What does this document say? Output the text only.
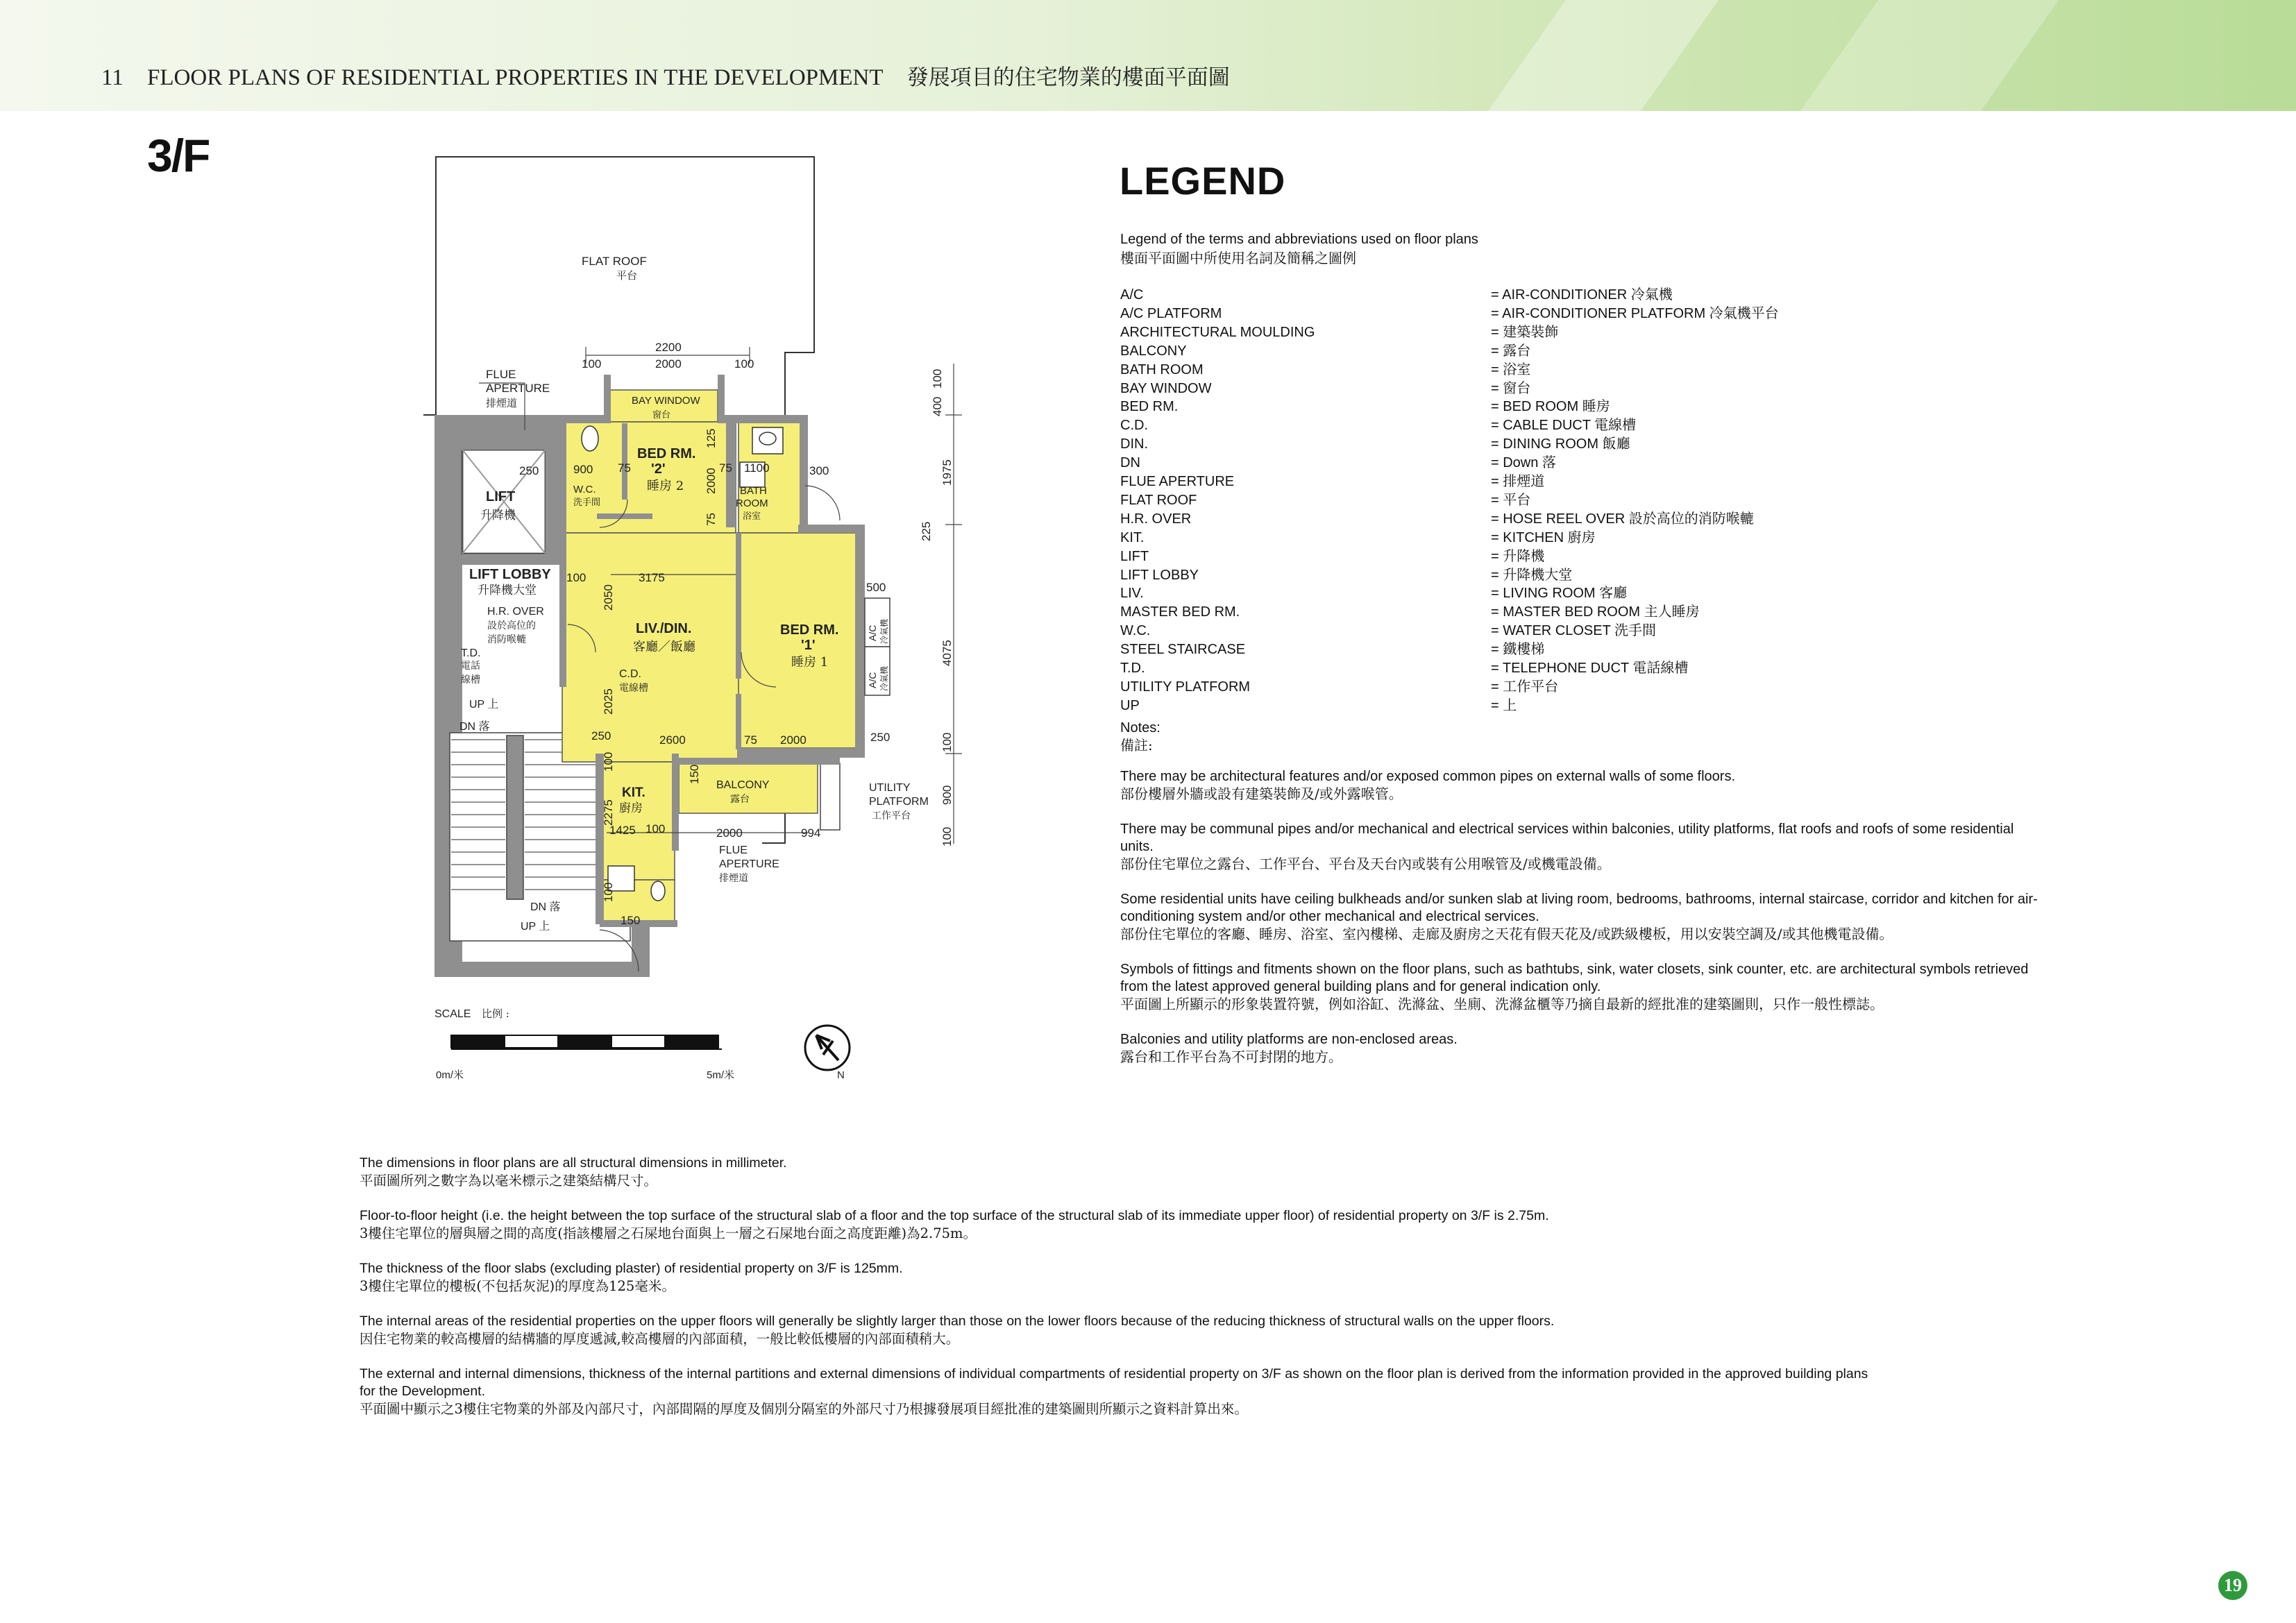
11 FLOOR PLANS OF RESIDENTIAL PROPERTIES IN THE DEVELOPMENT 發展項目的住宅物業的樓面平面圖
3/F
FLAT ROOF
平台
FLUE
APERTURE
排煙道	BAY WINDOW
窗台
BED RM.
'2'
睡房 2
W.C.
洗手間
BATH
ROOM
浴室
LIFT
升降機
LIFT LOBBY
升降機大堂
H.R. OVER
設於高位的
消防喉轆
T.D.
電話
線槽
UP 上
DN 落
LIV./DIN.
客廳／飯廳
C.D.
電線槽
BED RM.
'1'
睡房 1
A/C 冷氣機
A/C 冷氣機
KIT.
廚房
BALCONY
露台
UTILITY
PLATFORM
工作平台
FLUE
APERTURE
排煙道
DN 落
UP 上
2200
100	2000	100
400
100
1975
225
4075
100
900
100
250	900 75
125
2000 75 1100	300
75
100	3175
2050	500
2025
250	2600	75 2000	250
100
150
2275
1425 100	2000	994
100
150
SCALE 比例 :
0m/米	5m/米	N
LEGEND
Legend of the terms and abbreviations used on floor plans
樓面平面圖中所使用名詞及簡稱之圖例
A/C	= AIR-CONDITIONER 冷氣機
A/C PLATFORM	= AIR-CONDITIONER PLATFORM 冷氣機平台
ARCHITECTURAL MOULDING	= 建築裝飾
BALCONY	= 露台
BATH ROOM	= 浴室
BAY WINDOW	= 窗台
BED RM.	= BED ROOM 睡房
C.D.	= CABLE DUCT 電線槽
DIN.	= DINING ROOM 飯廳
DN	= Down 落
FLUE APERTURE	= 排煙道
FLAT ROOF	= 平台
H.R. OVER	= HOSE REEL OVER 設於高位的消防喉轆
KIT.	= KITCHEN 廚房
LIFT	= 升降機
LIFT LOBBY	= 升降機大堂
LIV.	= LIVING ROOM 客廳
MASTER BED RM.	= MASTER BED ROOM 主人睡房
W.C.	= WATER CLOSET 洗手間
STEEL STAIRCASE	= 鐵樓梯
T.D.	= TELEPHONE DUCT 電話線槽
UTILITY PLATFORM	= 工作平台
UP	= 上
Notes:
備註:

There may be architectural features and/or exposed common pipes on external walls of some floors.
部份樓層外牆或設有建築裝飾及/或外露喉管。

There may be communal pipes and/or mechanical and electrical services within balconies, utility platforms, flat roofs and roofs of some residential units.
部份住宅單位之露台、工作平台、平台及天台內或裝有公用喉管及/或機電設備。

Some residential units have ceiling bulkheads and/or sunken slab at living room, bedrooms, bathrooms, internal staircase, corridor and kitchen for air-conditioning system and/or other mechanical and electrical services.
部份住宅單位的客廳、睡房、浴室、室內樓梯、走廊及廚房之天花有假天花及/或跌級樓板，用以安裝空調及/或其他機電設備。

Symbols of fittings and fitments shown on the floor plans, such as bathtubs, sink, water closets, sink counter, etc. are architectural symbols retrieved from the latest approved general building plans and for general indication only.
平面圖上所顯示的形象裝置符號，例如浴缸、洗滌盆、坐廁、洗滌盆櫃等乃摘自最新的經批准的建築圖則，只作一般性標誌。

Balconies and utility platforms are non-enclosed areas.
露台和工作平台為不可封閉的地方。

The dimensions in floor plans are all structural dimensions in millimeter.
平面圖所列之數字為以毫米標示之建築結構尺寸。

Floor-to-floor height (i.e. the height between the top surface of the structural slab of a floor and the top surface of the structural slab of its immediate upper floor) of residential property on 3/F is 2.75m.
3樓住宅單位的層與層之間的高度(指該樓層之石屎地台面與上一層之石屎地台面之高度距離)為2.75m。

The thickness of the floor slabs (excluding plaster) of residential property on 3/F is 125mm.
3樓住宅單位的樓板(不包括灰泥)的厚度為125毫米。

The internal areas of the residential properties on the upper floors will generally be slightly larger than those on the lower floors because of the reducing thickness of structural walls on the upper floors.
因住宅物業的較高樓層的結構牆的厚度遞減,較高樓層的內部面積，一般比較低樓層的內部面積稍大。

The external and internal dimensions, thickness of the internal partitions and external dimensions of individual compartments of residential property on 3/F as shown on the floor plan is derived from the information provided in the approved building plans for the Development.
平面圖中顯示之3樓住宅物業的外部及內部尺寸，內部間隔的厚度及個別分隔室的外部尺寸乃根據發展項目經批准的建築圖則所顯示之資料計算出來。

19
